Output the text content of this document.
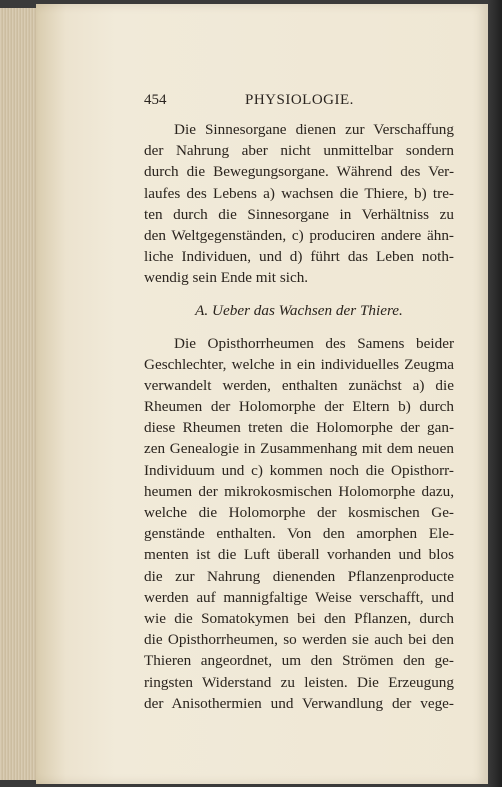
454	PHYSIOLOGIE.
Die Sinnesorgane dienen zur Verschaffung
der Nahrung aber nicht unmittelbar sondern
durch die Bewegungsorgane. Während des Ver-
laufes des Lebens a) wachsen die Thiere, b) tre-
ten durch die Sinnesorgane in Verhältniss zu
den Weltgegenständen, c) produciren andere ähn-
liche Individuen, und d) führt das Leben noth-
wendig sein Ende mit sich.
A. Ueber das Wachsen der Thiere.
Die Opisthorrheumen des Samens beider
Geschlechter, welche in ein individuelles Zeugma
verwandelt werden, enthalten zunächst a) die
Rheumen der Holomorphe der Eltern b) durch
diese Rheumen treten die Holomorphe der gan-
zen Genealogie in Zusammenhang mit dem neuen
Individuum und c) kommen noch die Opisthorr-
heumen der mikrokosmischen Holomorphe dazu,
welche die Holomorphe der kosmischen Ge-
genstände enthalten. Von den amorphen Ele-
menten ist die Luft überall vorhanden und blos
die zur Nahrung dienenden Pflanzenproducte
werden auf mannigfaltige Weise verschafft, und
wie die Somatokymen bei den Pflanzen, durch
die Opisthorrheumen, so werden sie auch bei den
Thieren angeordnet, um den Strömen den ge-
ringsten Widerstand zu leisten. Die Erzeugung
der Anisothermien und Verwandlung der vege-
